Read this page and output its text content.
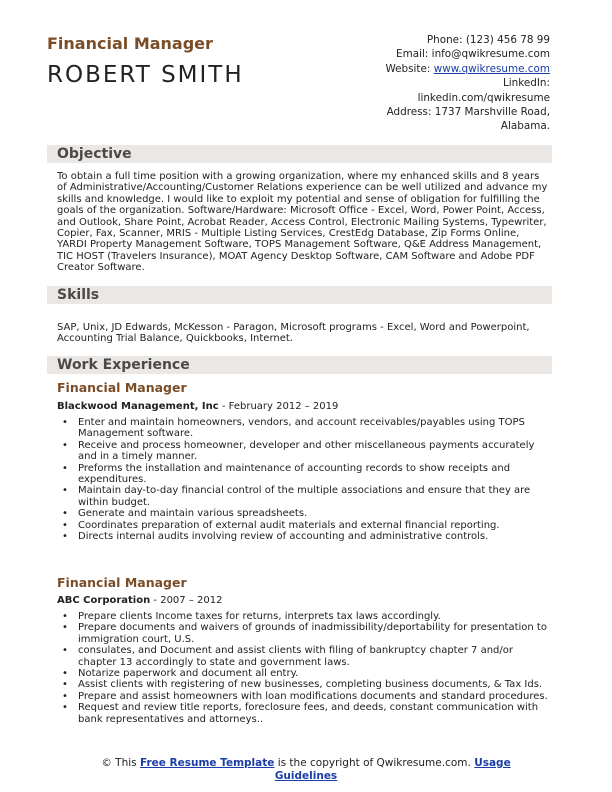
Financial Manager
ROBERT SMITH
Phone: (123) 456 78 99
Email: info@qwikresume.com
Website: www.qwikresume.com
LinkedIn:
linkedin.com/qwikresume
Address: 1737 Marshville Road,
Alabama.
Objective
To obtain a full time position with a growing organization, where my enhanced skills and 8 years of Administrative/Accounting/Customer Relations experience can be well utilized and advance my skills and knowledge. I would like to exploit my potential and sense of obligation for fulfilling the goals of the organization. Software/Hardware: Microsoft Office - Excel, Word, Power Point, Access, and Outlook, Share Point, Acrobat Reader, Access Control, Electronic Mailing Systems, Typewriter, Copier, Fax, Scanner, MRIS - Multiple Listing Services, CrestEdg Database, Zip Forms Online, YARDI Property Management Software, TOPS Management Software, Q&E Address Management, TIC HOST (Travelers Insurance), MOAT Agency Desktop Software, CAM Software and Adobe PDF Creator Software.
Skills
SAP, Unix, JD Edwards, McKesson - Paragon, Microsoft programs - Excel, Word and Powerpoint, Accounting Trial Balance, Quickbooks, Internet.
Work Experience
Financial Manager
Blackwood Management, Inc - February 2012 – 2019
• Enter and maintain homeowners, vendors, and account receivables/payables using TOPS Management software.
• Receive and process homeowner, developer and other miscellaneous payments accurately and in a timely manner.
• Preforms the installation and maintenance of accounting records to show receipts and expenditures.
• Maintain day-to-day financial control of the multiple associations and ensure that they are within budget.
• Generate and maintain various spreadsheets.
• Coordinates preparation of external audit materials and external financial reporting.
• Directs internal audits involving review of accounting and administrative controls.
Financial Manager
ABC Corporation - 2007 – 2012
• Prepare clients Income taxes for returns, interprets tax laws accordingly.
• Prepare documents and waivers of grounds of inadmissibility/deportability for presentation to immigration court, U.S.
• consulates, and Document and assist clients with filing of bankruptcy chapter 7 and/or chapter 13 accordingly to state and government laws.
• Notarize paperwork and document all entry.
• Assist clients with registering of new businesses, completing business documents, & Tax Ids.
• Prepare and assist homeowners with loan modifications documents and standard procedures.
• Request and review title reports, foreclosure fees, and deeds, constant communication with bank representatives and attorneys..
© This Free Resume Template is the copyright of Qwikresume.com. Usage
Guidelines
